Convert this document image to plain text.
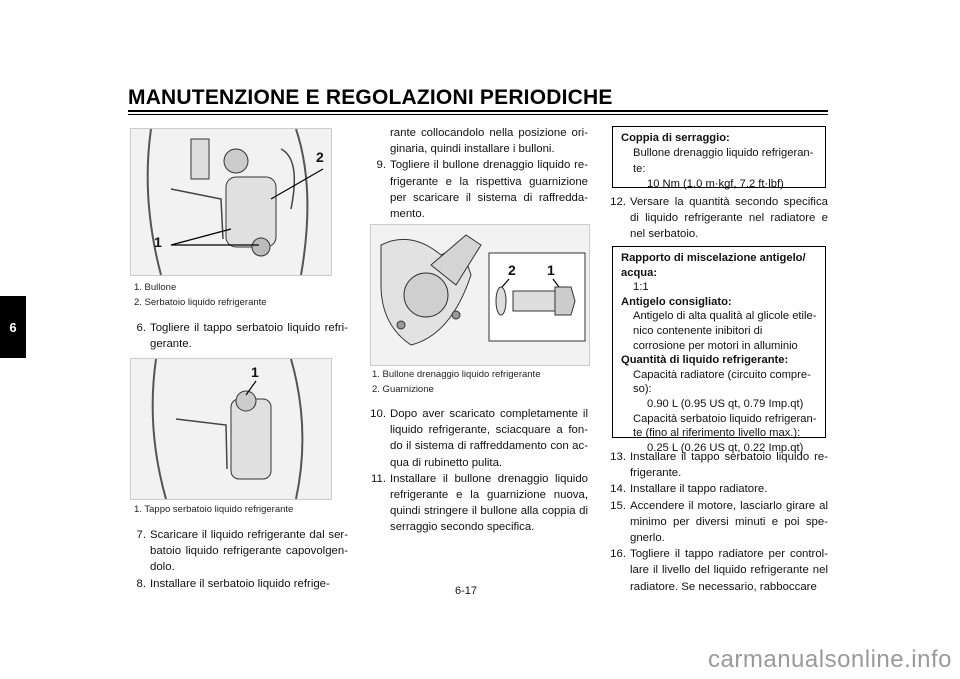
MANUTENZIONE E REGOLAZIONI PERIODICHE
6
1
2
1. Bullone
2. Serbatoio liquido refrigerante
6. Togliere il tappo serbatoio liquido refri-gerante.
1
1. Tappo serbatoio liquido refrigerante
7. Scaricare il liquido refrigerante dal ser-batoio liquido refrigerante capovolgen-dolo.
8. Installare il serbatoio liquido refrige-
rante collocandolo nella posizione ori-ginaria, quindi installare i bulloni.
9. Togliere il bullone drenaggio liquido re-frigerante e la rispettiva guarnizione per scaricare il sistema di raffredda-mento.
2 1
1. Bullone drenaggio liquido refrigerante
2. Guarnizione
10. Dopo aver scaricato completamente il liquido refrigerante, sciacquare a fon-do il sistema di raffreddamento con ac-qua di rubinetto pulita.
11. Installare il bullone drenaggio liquido refrigerante e la guarnizione nuova, quindi stringere il bullone alla coppia di serraggio secondo specifica.
Coppia di serraggio:
Bullone drenaggio liquido refrigeran-te:
10 Nm (1.0 m·kgf, 7.2 ft·lbf)
12. Versare la quantità secondo specifica di liquido refrigerante nel radiatore e nel serbatoio.
Rapporto di miscelazione antigelo/ acqua:
1:1
Antigelo consigliato:
Antigelo di alta qualità al glicole etile-nico contenente inibitori di corrosione per motori in alluminio
Quantità di liquido refrigerante:
Capacità radiatore (circuito compre-so):
0.90 L (0.95 US qt, 0.79 Imp.qt)
Capacità serbatoio liquido refrigeran-te (fino al riferimento livello max.):
0.25 L (0.26 US qt, 0.22 Imp.qt)
13. Installare il tappo serbatoio liquido re-frigerante.
14. Installare il tappo radiatore.
15. Accendere il motore, lasciarlo girare al minimo per diversi minuti e poi spe-gnerlo.
16. Togliere il tappo radiatore per control-lare il livello del liquido refrigerante nel radiatore. Se necessario, rabboccare
6-17
carmanualsonline.info
